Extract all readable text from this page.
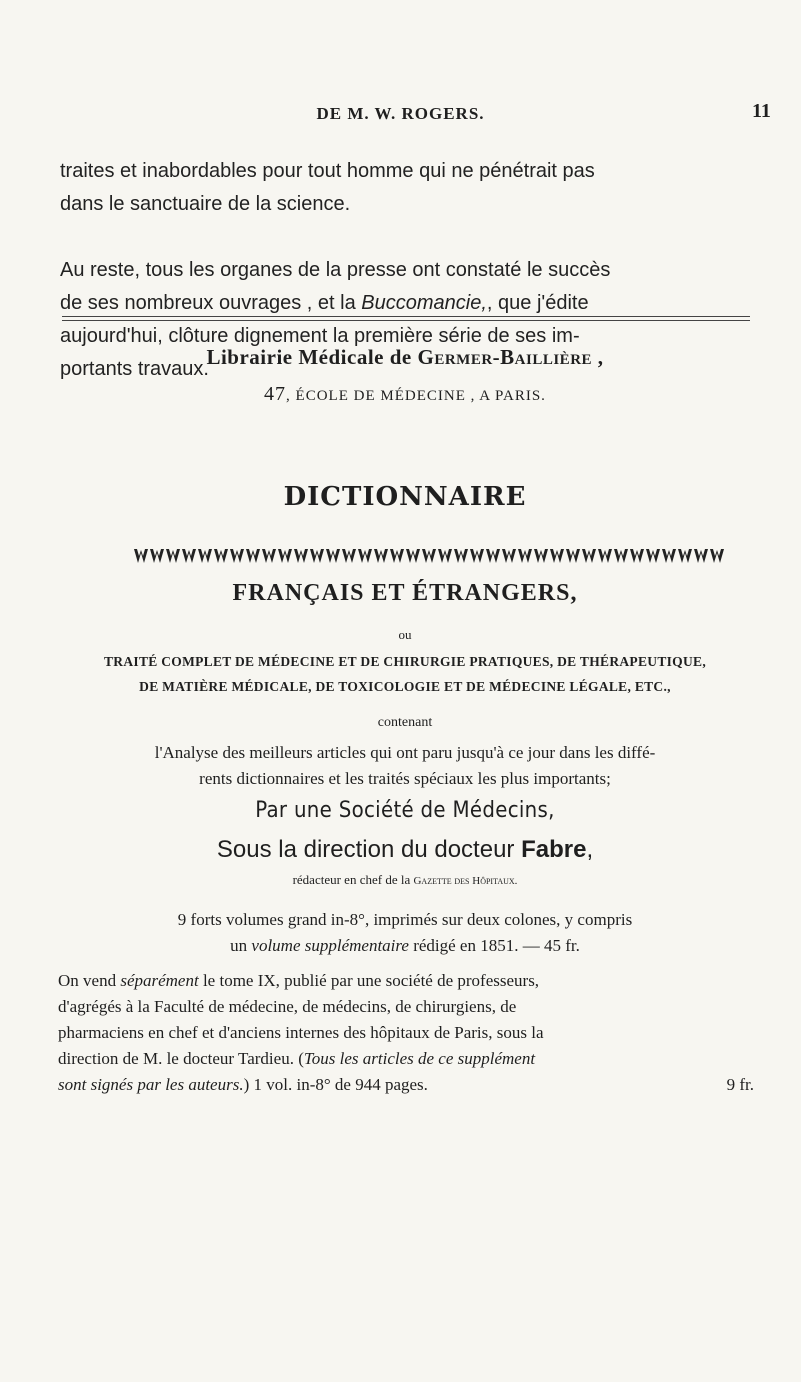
DE M. W. ROGERS.	11
traites et inabordables pour tout homme qui ne pénétrait pas
dans le sanctuaire de la science.
Au reste, tous les organes de la presse ont constaté le succès
de ses nombreux ouvrages , et la Buccomancie,, que j'édite
aujourd'hui, clôture dignement la première série de ses im-
portants travaux.
Librairie Médicale de Germer-Baillière ,
47, ÉCOLE DE MÉDECINE , A PARIS.
DICTIONNAIRE
FRANÇAIS ET ÉTRANGERS,
ou
TRAITÉ COMPLET DE MÉDECINE ET DE CHIRURGIE PRATIQUES, DE THÉRAPEUTIQUE,
DE MATIÈRE MÉDICALE, DE TOXICOLOGIE ET DE MÉDECINE LÉGALE, ETC.,
contenant
l'Analyse des meilleurs articles qui ont paru jusqu'à ce jour dans les diffé-
rents dictionnaires et les traités spéciaux les plus importants;
Par une Société de Médecins,
Sous la direction du docteur Fabre,
rédacteur en chef de la Gazette des Hôpitaux.
9 forts volumes grand in-8°, imprimés sur deux colones, y compris
un volume supplémentaire rédigé en 1851. — 45 fr.
On vend séparément le tome IX, publié par une société de professeurs,
d'agrégés à la Faculté de médecine, de médecins, de chirurgiens, de
pharmaciens en chef et d'anciens internes des hôpitaux de Paris, sous la
direction de M. le docteur Tardieu. (Tous les articles de ce supplément
sont signés par les auteurs.) 1 vol. in-8° de 944 pages.	9 fr.
